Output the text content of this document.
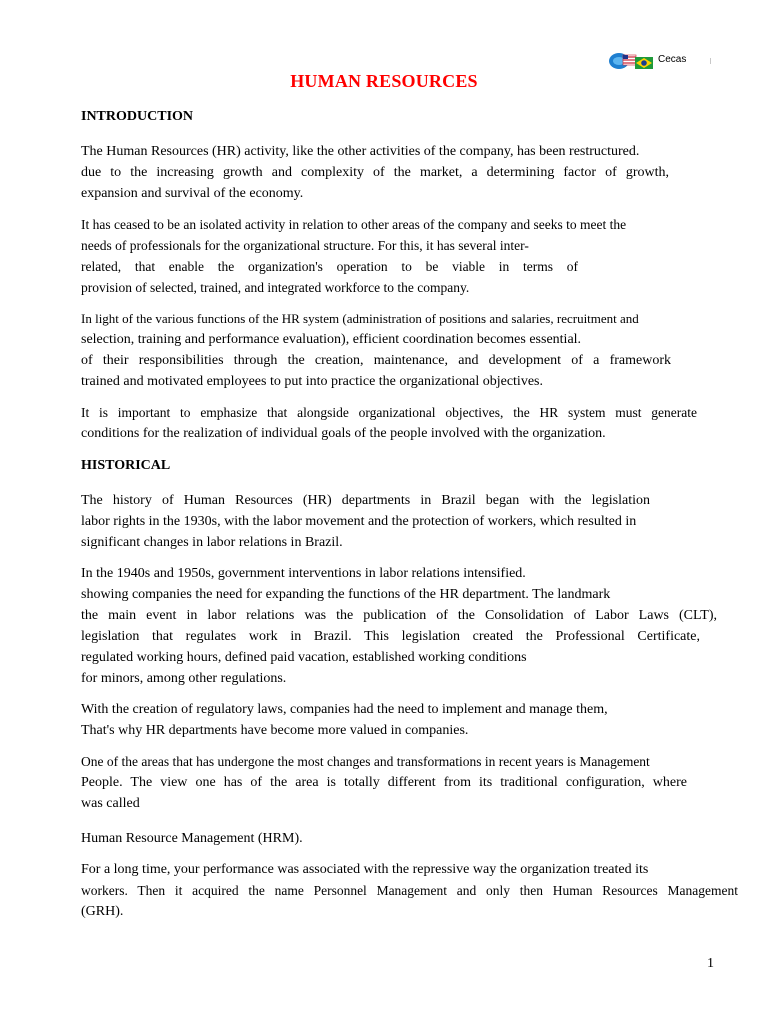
Cecas
HUMAN RESOURCES
INTRODUCTION
The Human Resources (HR) activity, like the other activities of the company, has been restructured.
due to the increasing growth and complexity of the market, a determining factor of growth,
expansion and survival of the economy.
It has ceased to be an isolated activity in relation to other areas of the company and seeks to meet the
needs of professionals for the organizational structure. For this, it has several inter-
related, that enable the organization's operation to be viable in terms of
provision of selected, trained, and integrated workforce to the company.
In light of the various functions of the HR system (administration of positions and salaries, recruitment and
selection, training and performance evaluation), efficient coordination becomes essential.
of their responsibilities through the creation, maintenance, and development of a framework
trained and motivated employees to put into practice the organizational objectives.
It is important to emphasize that alongside organizational objectives, the HR system must generate
conditions for the realization of individual goals of the people involved with the organization.
HISTORICAL
The history of Human Resources (HR) departments in Brazil began with the legislation
labor rights in the 1930s, with the labor movement and the protection of workers, which resulted in
significant changes in labor relations in Brazil.
In the 1940s and 1950s, government interventions in labor relations intensified.
showing companies the need for expanding the functions of the HR department. The landmark
the main event in labor relations was the publication of the Consolidation of Labor Laws (CLT),
legislation that regulates work in Brazil. This legislation created the Professional Certificate,
regulated working hours, defined paid vacation, established working conditions
for minors, among other regulations.
With the creation of regulatory laws, companies had the need to implement and manage them,
That's why HR departments have become more valued in companies.
One of the areas that has undergone the most changes and transformations in recent years is Management
People. The view one has of the area is totally different from its traditional configuration, where
was called
Human Resource Management (HRM).
For a long time, your performance was associated with the repressive way the organization treated its
workers. Then it acquired the name Personnel Management and only then Human Resources Management
(GRH).
1
